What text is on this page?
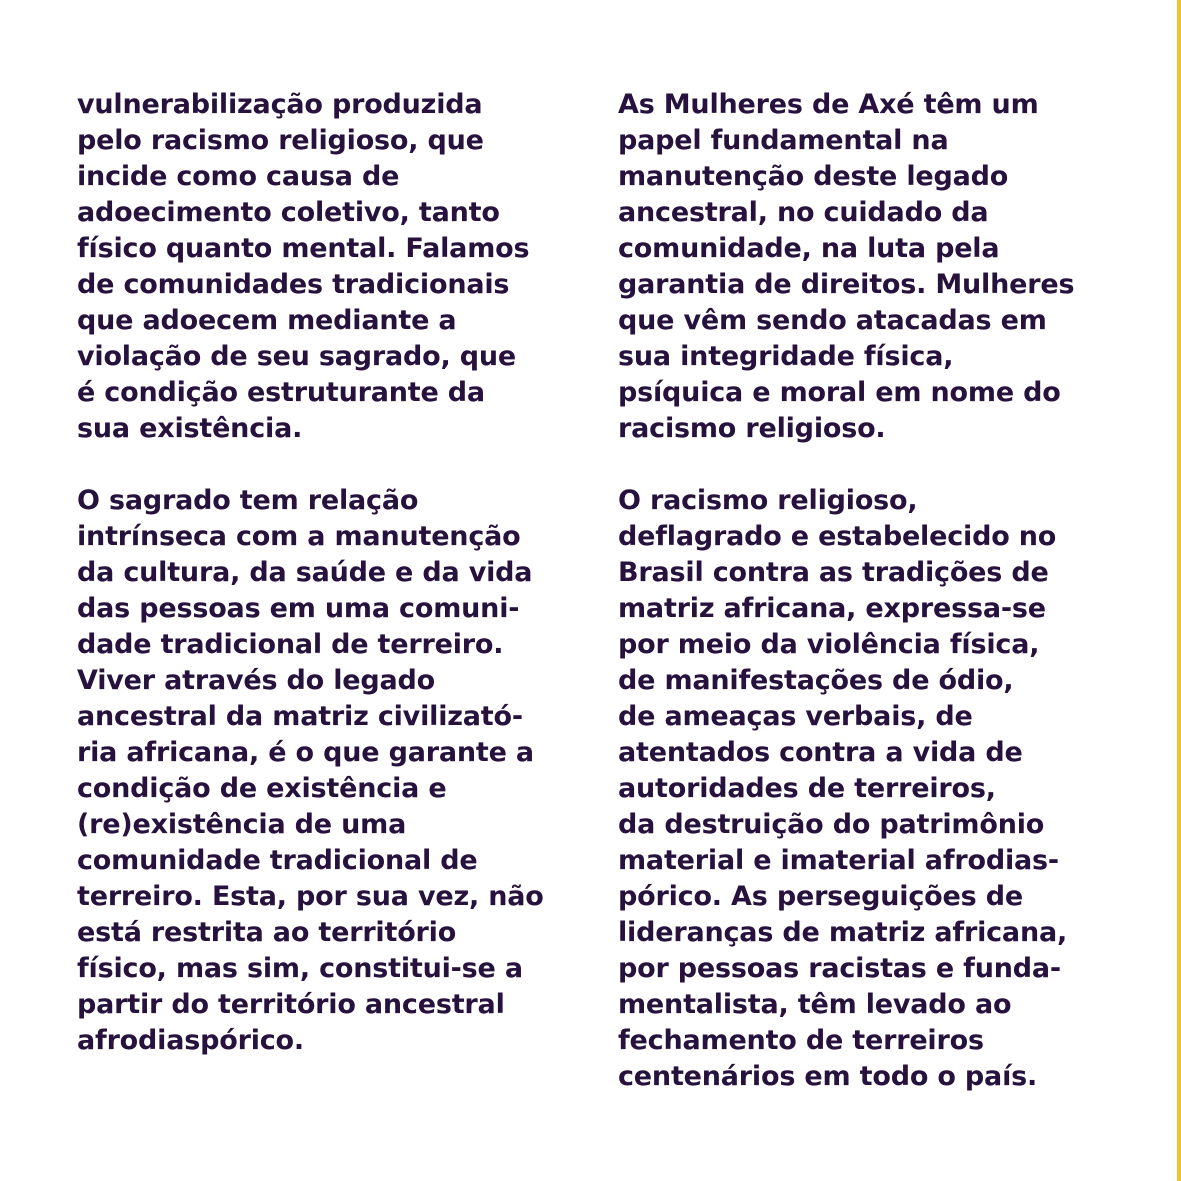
vulnerabilização produzida
pelo racismo religioso, que
incide como causa de
adoecimento coletivo, tanto
físico quanto mental. Falamos
de comunidades tradicionais
que adoecem mediante a
violação de seu sagrado, que
é condição estruturante da
sua existência.

O sagrado tem relação
intrínseca com a manutenção
da cultura, da saúde e da vida
das pessoas em uma comuni-
dade tradicional de terreiro.
Viver através do legado
ancestral da matriz civilizató-
ria africana, é o que garante a
condição de existência e
(re)existência de uma
comunidade tradicional de
terreiro. Esta, por sua vez, não
está restrita ao território
físico, mas sim, constitui-se a
partir do território ancestral
afrodiaspórico.

As Mulheres de Axé têm um
papel fundamental na
manutenção deste legado
ancestral, no cuidado da
comunidade, na luta pela
garantia de direitos. Mulheres
que vêm sendo atacadas em
sua integridade física,
psíquica e moral em nome do
racismo religioso.

O racismo religioso,
deflagrado e estabelecido no
Brasil contra as tradições de
matriz africana, expressa-se
por meio da violência física,
de manifestações de ódio,
de ameaças verbais, de
atentados contra a vida de
autoridades de terreiros,
da destruição do patrimônio
material e imaterial afrodias-
pórico. As perseguições de
lideranças de matriz africana,
por pessoas racistas e funda-
mentalista, têm levado ao
fechamento de terreiros
centenários em todo o país.
